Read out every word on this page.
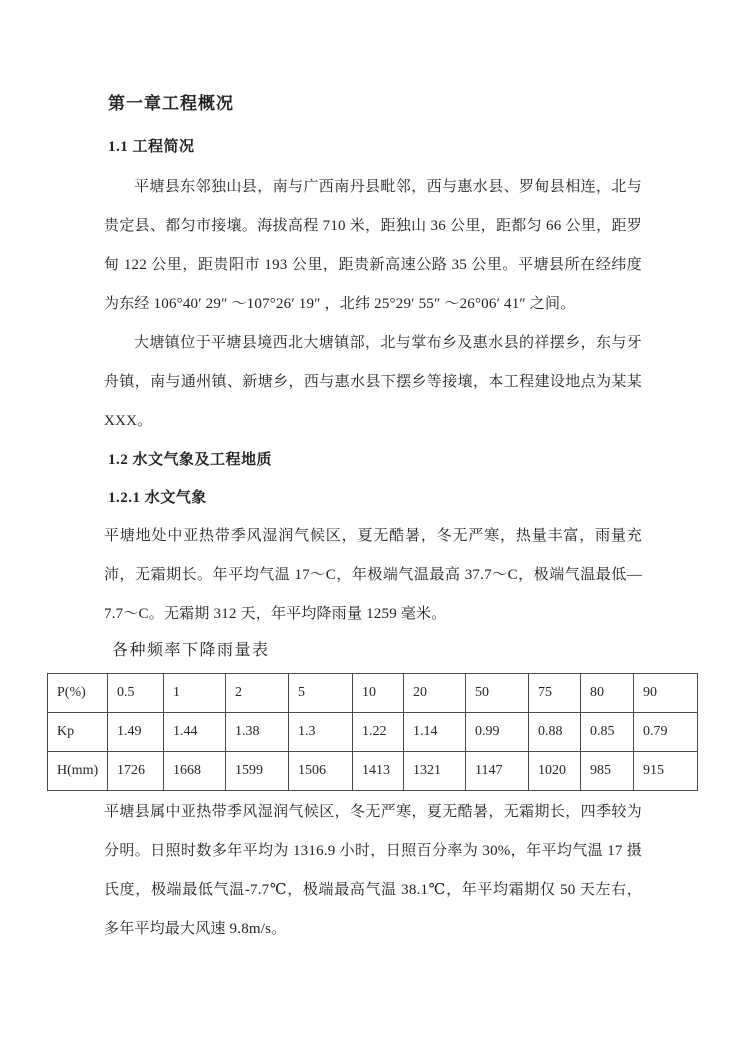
第一章工程概况
1.1 工程简况

平塘县东邻独山县，南与广西南丹县毗邻，西与惠水县、罗甸县相连，北与贵定县、都匀市接壤。海拔高程 710 米，距独山 36 公里，距都匀 66 公里，距罗甸 122 公里，距贵阳市 193 公里，距贵新高速公路 35 公里。平塘县所在经纬度为东经 106°40′ 29″ ～107°26′ 19″ ，北纬 25°29′ 55″ ～26°06′ 41″ 之间。

大塘镇位于平塘县境西北大塘镇部，北与掌布乡及惠水县的祥摆乡，东与牙舟镇，南与通州镇、新塘乡，西与惠水县下摆乡等接壤，本工程建设地点为某某XXX。

1.2 水文气象及工程地质
1.2.1 水文气象

平塘地处中亚热带季风湿润气候区，夏无酷暑，冬无严寒，热量丰富，雨量充沛，无霜期长。年平均气温 17～C，年极端气温最高 37.7～C，极端气温最低—7.7～C。无霜期 312 天，年平均降雨量 1259 毫米。

各种频率下降雨量表
P(%)	0.5	1	2	5	10	20	50	75	80	90
Kp	1.49	1.44	1.38	1.3	1.22	1.14	0.99	0.88	0.85	0.79
H(mm)	1726	1668	1599	1506	1413	1321	1147	1020	985	915

平塘县属中亚热带季风湿润气候区，冬无严寒，夏无酷暑，无霜期长，四季较为分明。日照时数多年平均为 1316.9 小时，日照百分率为 30%，年平均气温 17 摄氏度，极端最低气温-7.7℃，极端最高气温 38.1℃，年平均霜期仅 50 天左右，多年平均最大风速 9.8m/s。
